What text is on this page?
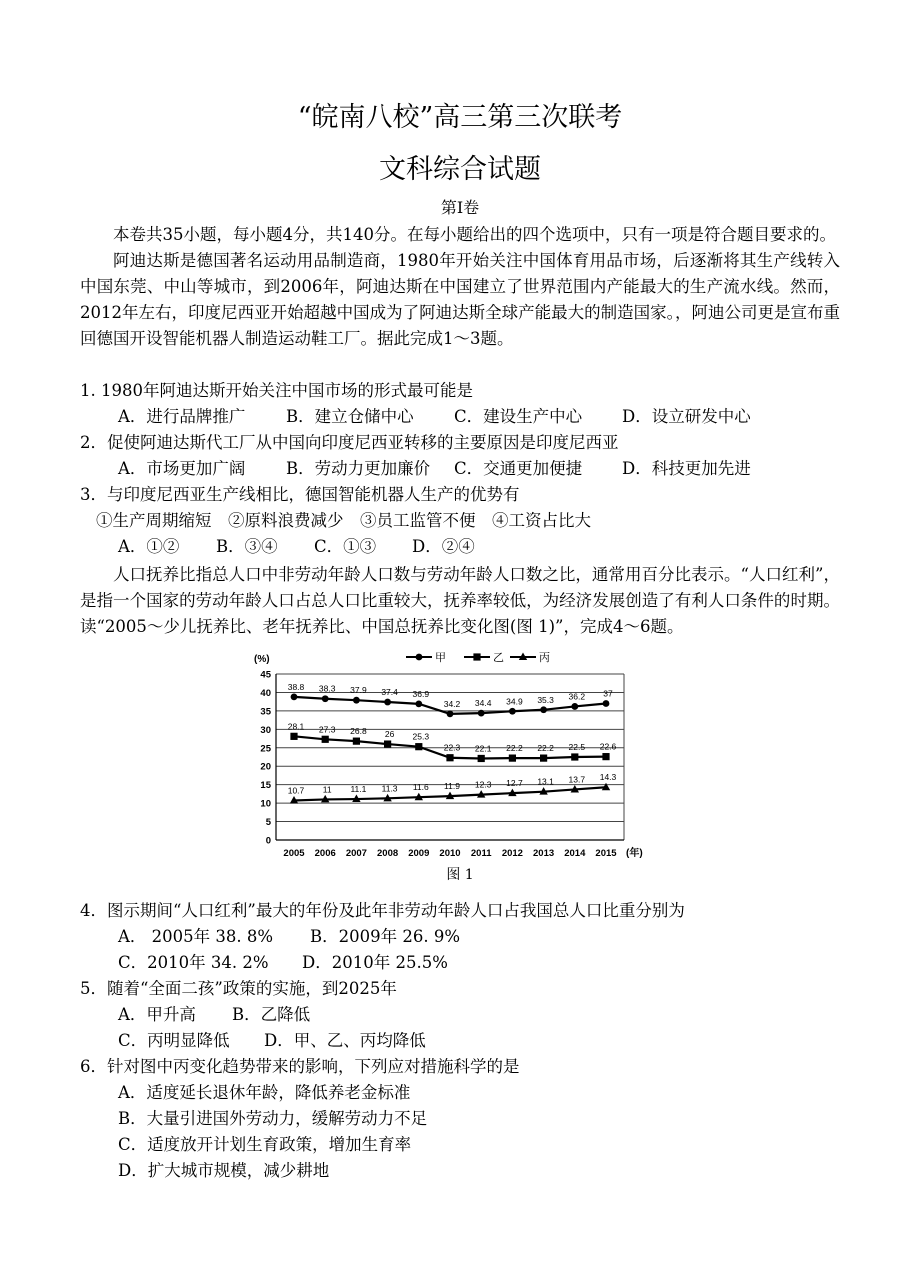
“皖南八校”高三第三次联考
文科综合试题
第I卷

本卷共35小题，每小题4分，共140分。在每小题给出的四个选项中，只有一项是符合题目要求的。

阿迪达斯是德国著名运动用品制造商，1980年开始关注中国体育用品市场，后逐渐将其生产线转入中国东莞、中山等城市，到2006年，阿迪达斯在中国建立了世界范围内产能最大的生产流水线。然而，2012年左右，印度尼西亚开始超越中国成为了阿迪达斯全球产能最大的制造国家。，阿迪公司更是宣布重回德国开设智能机器人制造运动鞋工厂。据此完成1～3题。

1. 1980年阿迪达斯开始关注中国市场的形式最可能是
A．进行品牌推广 B．建立仓储中心 C．建设生产中心 D．设立研发中心
2．促使阿迪达斯代工厂从中国向印度尼西亚转移的主要原因是印度尼西亚
A．市场更加广阔 B．劳动力更加廉价 C．交通更加便捷 D．科技更加先进
3．与印度尼西亚生产线相比，德国智能机器人生产的优势有
①生产周期缩短　②原料浪费减少　③员工监管不便　④工资占比大
A．①② B．③④ C．①③ D．②④

人口抚养比指总人口中非劳动年龄人口数与劳动年龄人口数之比，通常用百分比表示。“人口红利”，是指一个国家的劳动年龄人口占总人口比重较大，抚养率较低，为经济发展创造了有利人口条件的时期。读“2005～少儿抚养比、老年抚养比、中国总抚养比变化图(图 1)”，完成4～6题。

0
5
10
15
20
25
30
35
40
45
(%)
2005 2006 2007 2008 2009 2010 2011 2012 2013 2014 2015 (年)
38.8 38.3 37.9 37.4 36.9
34.2 34.4 34.9 35.3 36.2 37
28.1 27.3 26.8 26 25.3
22.3 22.1 22.2 22.2 22.5 22.6
10.7 11 11.1 11.3 11.6 11.9 12.3 12.7 13.1 13.7 14.3
甲	乙	丙
图 1
4．图示期间“人口红利”最大的年份及此年非劳动年龄人口占我国总人口比重分别为
A． 2005年 38. 8% B．2009年 26. 9%
C．2010年 34. 2% D．2010年 25.5%
5．随着“全面二孩”政策的实施，到2025年
A．甲升高 B．乙降低
C．丙明显降低 D．甲、乙、丙均降低
6．针对图中丙变化趋势带来的影响，下列应对措施科学的是
A．适度延长退休年龄，降低养老金标准
B．大量引进国外劳动力，缓解劳动力不足
C．适度放开计划生育政策，增加生育率
D．扩大城市规模，减少耕地
